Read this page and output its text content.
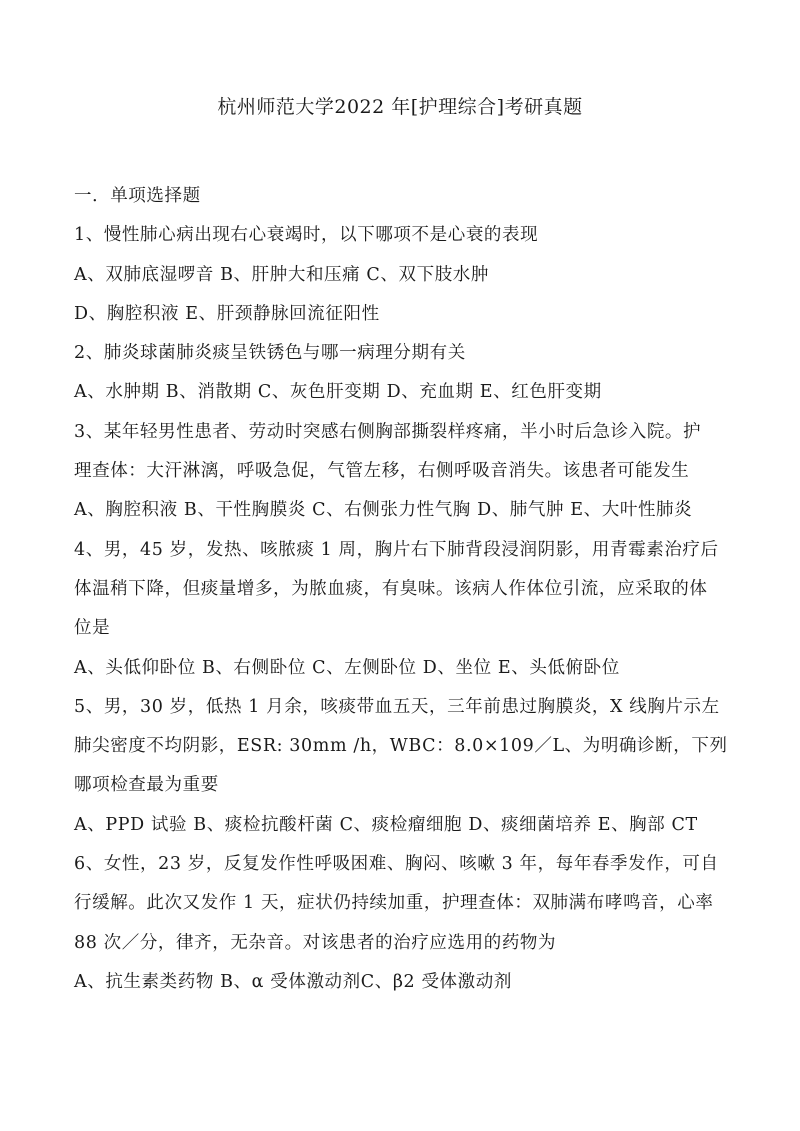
杭州师范大学2022 年[护理综合]考研真题
一．单项选择题
1、慢性肺心病出现右心衰竭时，以下哪项不是心衰的表现
A、双肺底湿啰音 B、肝肿大和压痛 C、双下肢水肿
D、胸腔积液 E、肝颈静脉回流征阳性
2、肺炎球菌肺炎痰呈铁锈色与哪一病理分期有关
A、水肿期 B、消散期 C、灰色肝变期 D、充血期 E、红色肝变期
3、某年轻男性患者、劳动时突感右侧胸部撕裂样疼痛，半小时后急诊入院。护
理查体：大汗淋漓，呼吸急促，气管左移，右侧呼吸音消失。该患者可能发生
A、胸腔积液 B、干性胸膜炎 C、右侧张力性气胸 D、肺气肿 E、大叶性肺炎
4、男，45 岁，发热、咳脓痰 1 周，胸片右下肺背段浸润阴影，用青霉素治疗后
体温稍下降，但痰量增多，为脓血痰，有臭味。该病人作体位引流，应采取的体
位是
A、头低仰卧位 B、右侧卧位 C、左侧卧位 D、坐位 E、头低俯卧位
5、男，30 岁，低热 1 月余，咳痰带血五天，三年前患过胸膜炎，X 线胸片示左
肺尖密度不均阴影，ESR: 30mm /h，WBC：8.0×109／L、为明确诊断，下列
哪项检查最为重要
A、PPD 试验 B、痰检抗酸杆菌 C、痰检瘤细胞 D、痰细菌培养 E、胸部 CT
6、女性，23 岁，反复发作性呼吸困难、胸闷、咳嗽 3 年，每年春季发作，可自
行缓解。此次又发作 1 天，症状仍持续加重，护理查体：双肺满布哮鸣音，心率
88 次／分，律齐，无杂音。对该患者的治疗应选用的药物为
A、抗生素类药物 B、α 受体激动剂C、β2 受体激动剂
